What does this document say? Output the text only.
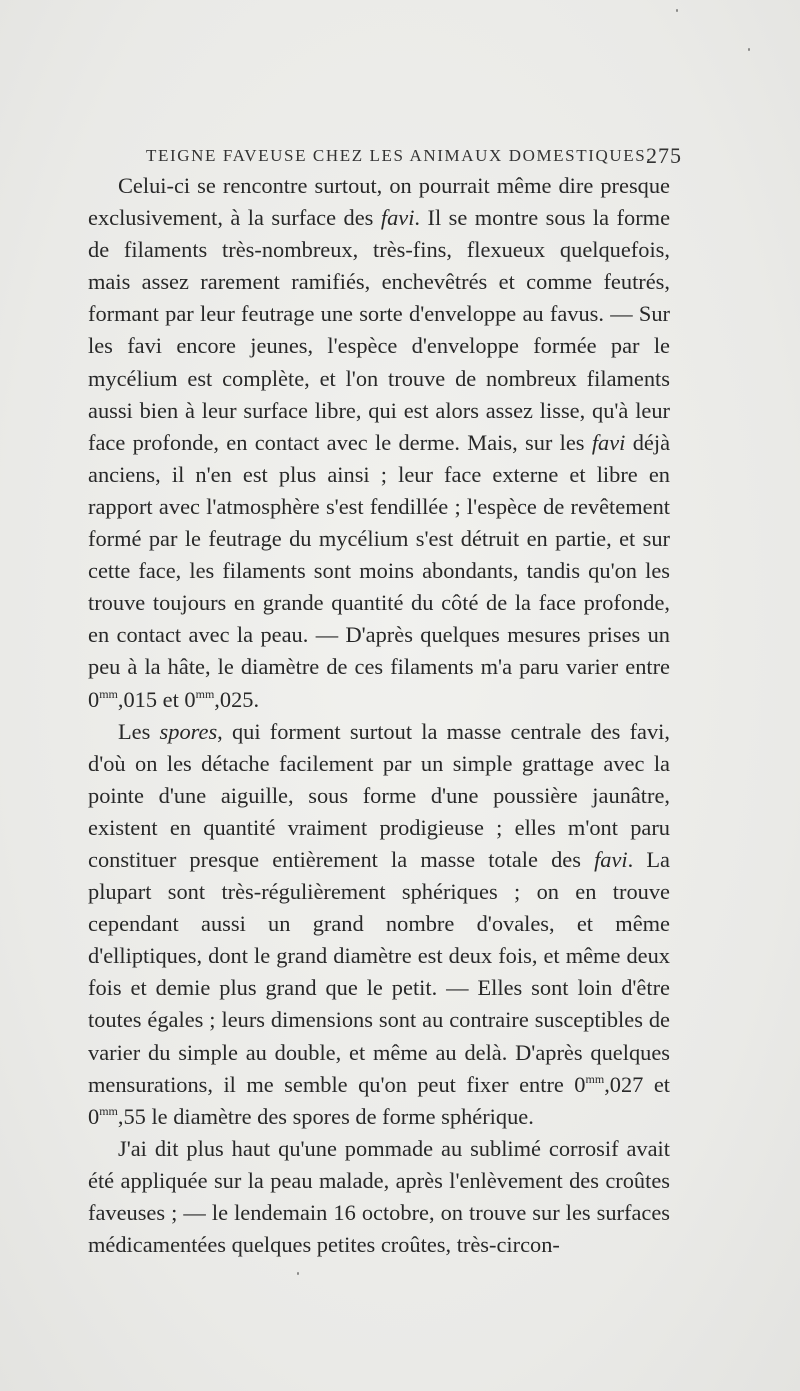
TEIGNE FAVEUSE CHEZ LES ANIMAUX DOMESTIQUES.
275

Celui-ci se rencontre surtout, on pourrait même dire presque exclusivement, à la surface des favi. Il se montre sous la forme de filaments très-nombreux, très-fins, flexueux quelquefois, mais assez rarement ramifiés, enchevêtrés et comme feutrés, formant par leur feutrage une sorte d'enveloppe au favus. — Sur les favi encore jeunes, l'espèce d'enveloppe formée par le mycélium est complète, et l'on trouve de nombreux filaments aussi bien à leur surface libre, qui est alors assez lisse, qu'à leur face profonde, en contact avec le derme. Mais, sur les favi déjà anciens, il n'en est plus ainsi ; leur face externe et libre en rapport avec l'atmosphère s'est fendillée ; l'espèce de revêtement formé par le feutrage du mycélium s'est détruit en partie, et sur cette face, les filaments sont moins abondants, tandis qu'on les trouve toujours en grande quantité du côté de la face profonde, en contact avec la peau. — D'après quelques mesures prises un peu à la hâte, le diamètre de ces filaments m'a paru varier entre $0^{mm},015$ et $0^{mm},025$.

Les spores, qui forment surtout la masse centrale des favi, d'où on les détache facilement par un simple grattage avec la pointe d'une aiguille, sous forme d'une poussière jaunâtre, existent en quantité vraiment prodigieuse ; elles m'ont paru constituer presque entièrement la masse totale des favi. La plupart sont très-régulièrement sphériques ; on en trouve cependant aussi un grand nombre d'ovales, et même d'elliptiques, dont le grand diamètre est deux fois, et même deux fois et demie plus grand que le petit. — Elles sont loin d'être toutes égales ; leurs dimensions sont au contraire susceptibles de varier du simple au double, et même au delà. D'après quelques mensurations, il me semble qu'on peut fixer entre $0^{mm},027$ et $0^{mm},55$ le diamètre des spores de forme sphérique.

J'ai dit plus haut qu'une pommade au sublimé corrosif avait été appliquée sur la peau malade, après l'enlèvement des croûtes faveuses ; — le lendemain 16 octobre, on trouve sur les surfaces médicamentées quelques petites croûtes, très-circon-
